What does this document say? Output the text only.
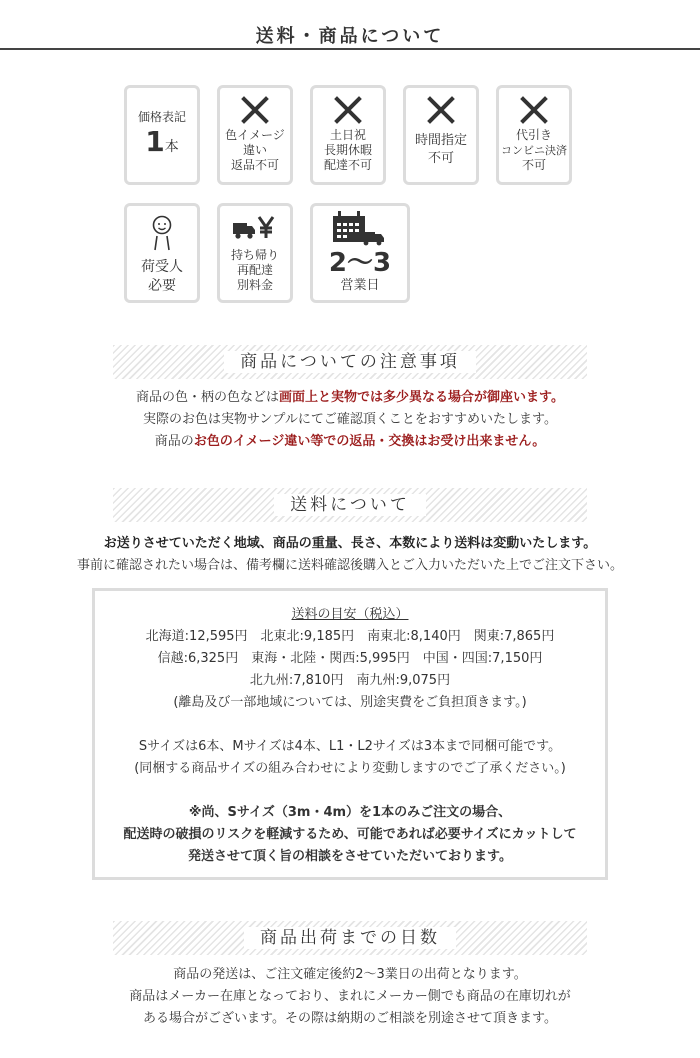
送料・商品について
価格表記
1本
色イメージ
違い
返品不可
土日祝
長期休暇
配達不可
時間指定
不可
代引き
コンビニ決済
不可
荷受人
必要
持ち帰り
再配達
別料金
2〜3
営業日
商品についての注意事項
商品の色・柄の色などは画面上と実物では多少異なる場合が御座います。
実際のお色は実物サンプルにてご確認頂くことをおすすめいたします。
商品のお色のイメージ違い等での返品・交換はお受け出来ません。
送料について
お送りさせていただく地域、商品の重量、長さ、本数により送料は変動いたします。
事前に確認されたい場合は、備考欄に送料確認後購入とご入力いただいた上でご注文下さい。
送料の目安（税込）
北海道:12,595円　北東北:9,185円　南東北:8,140円　関東:7,865円
信越:6,325円　東海・北陸・関西:5,995円　中国・四国:7,150円
北九州:7,810円　南九州:9,075円
(離島及び一部地域については、別途実費をご負担頂きます。)
Sサイズは6本、Mサイズは4本、L1・L2サイズは3本まで同梱可能です。
(同梱する商品サイズの組み合わせにより変動しますのでご了承ください。)
※尚、Sサイズ（3m・4m）を1本のみご注文の場合、
配送時の破損のリスクを軽減するため、可能であれば必要サイズにカットして
発送させて頂く旨の相談をさせていただいております。
商品出荷までの日数
商品の発送は、ご注文確定後約2〜3業日の出荷となります。
商品はメーカー在庫となっており、まれにメーカー側でも商品の在庫切れが
ある場合がございます。その際は納期のご相談を別途させて頂きます。
